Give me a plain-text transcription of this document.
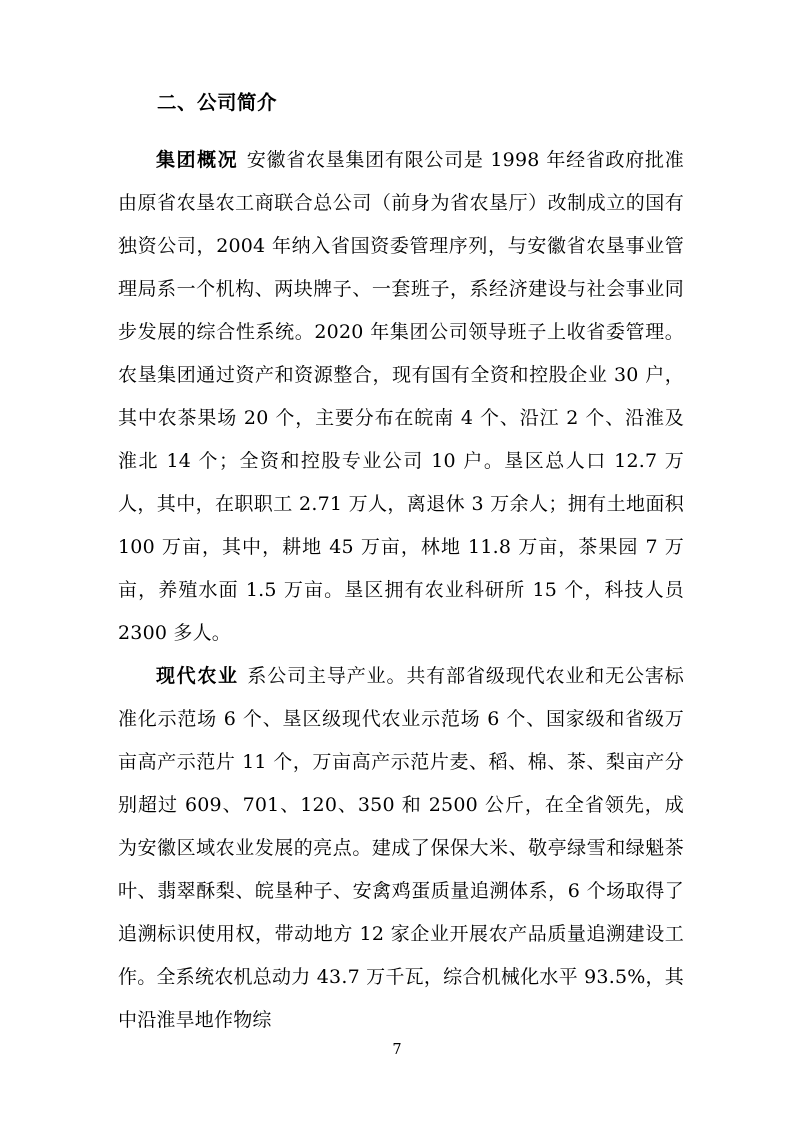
二、公司简介

集团概况 安徽省农垦集团有限公司是 1998 年经省政府批准由原省农垦农工商联合总公司（前身为省农垦厅）改制成立的国有独资公司，2004 年纳入省国资委管理序列，与安徽省农垦事业管理局系一个机构、两块牌子、一套班子，系经济建设与社会事业同步发展的综合性系统。2020 年集团公司领导班子上收省委管理。农垦集团通过资产和资源整合，现有国有全资和控股企业 30 户，其中农茶果场 20 个，主要分布在皖南 4 个、沿江 2 个、沿淮及淮北 14 个；全资和控股专业公司 10 户。垦区总人口 12.7 万人，其中，在职职工 2.71 万人，离退休 3 万余人；拥有土地面积 100 万亩，其中，耕地 45 万亩，林地 11.8 万亩，茶果园 7 万亩，养殖水面 1.5 万亩。垦区拥有农业科研所 15 个，科技人员 2300 多人。

现代农业 系公司主导产业。共有部省级现代农业和无公害标准化示范场 6 个、垦区级现代农业示范场 6 个、国家级和省级万亩高产示范片 11 个，万亩高产示范片麦、稻、棉、茶、梨亩产分别超过 609、701、120、350 和 2500 公斤，在全省领先，成为安徽区域农业发展的亮点。建成了保保大米、敬亭绿雪和绿魁茶叶、翡翠酥梨、皖垦种子、安禽鸡蛋质量追溯体系，6 个场取得了追溯标识使用权，带动地方 12 家企业开展农产品质量追溯建设工作。全系统农机总动力 43.7 万千瓦，综合机械化水平 93.5%，其中沿淮旱地作物综

7
